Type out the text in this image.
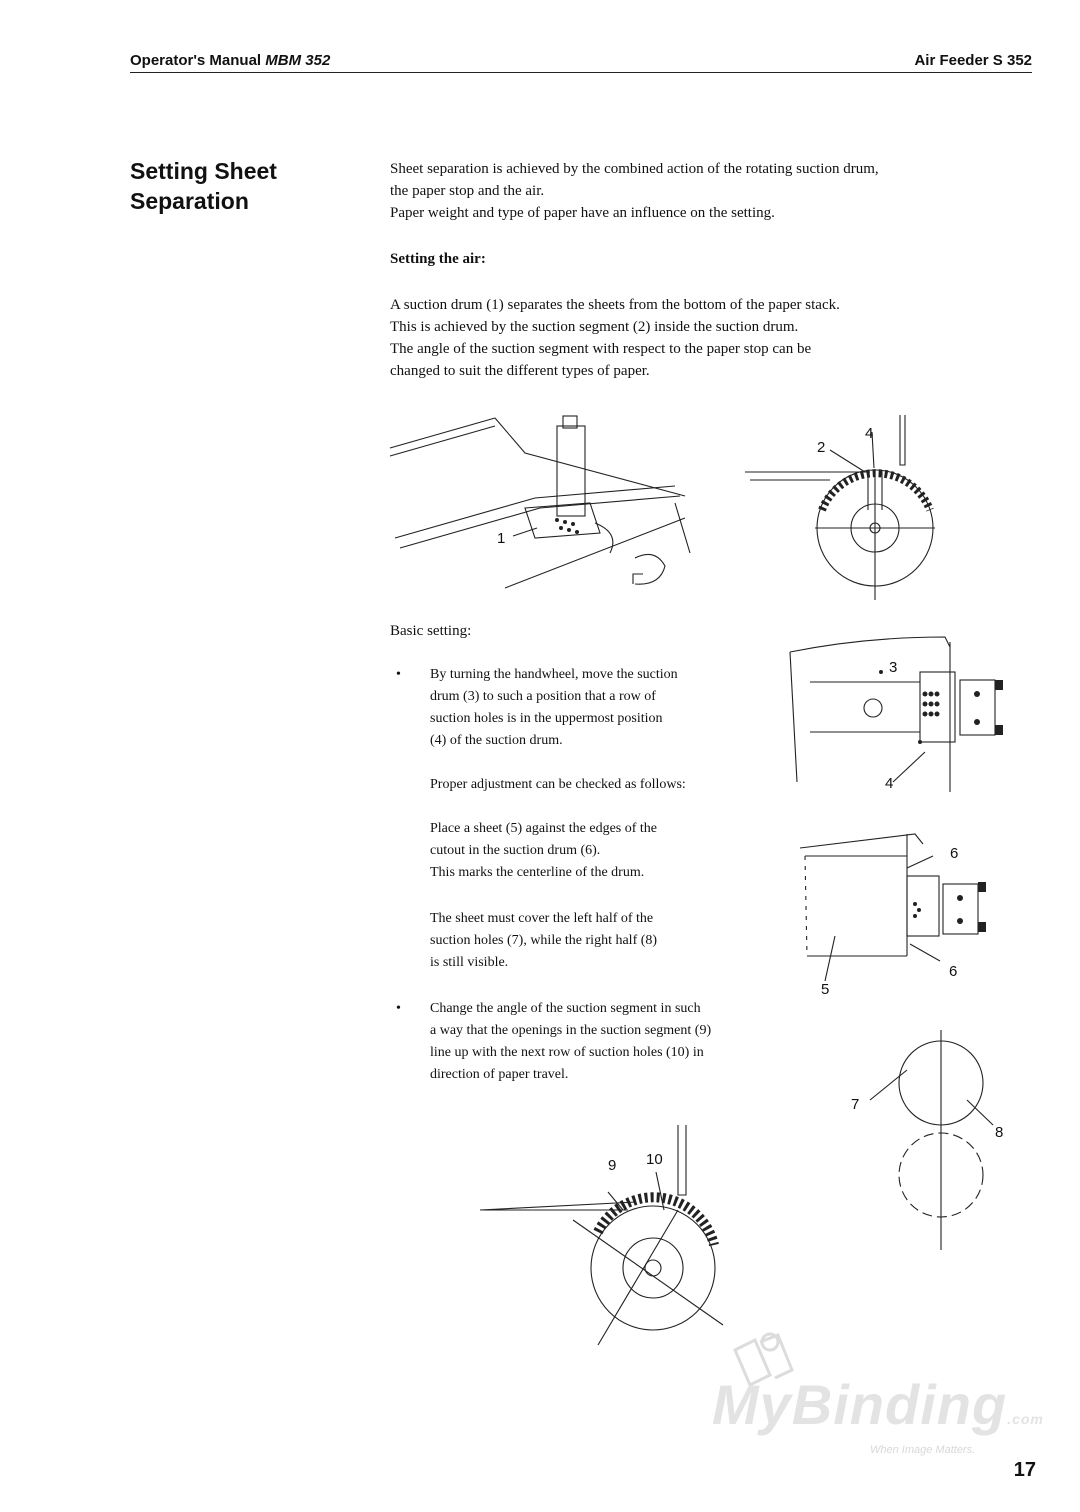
Operator's Manual MBM 352	Air Feeder S 352
Setting Sheet Separation
Sheet separation is achieved by the combined action of the rotating suction drum,
the paper stop and the air.
Paper weight and type of paper have an influence on the setting.
Setting the air:
A suction drum (1) separates the sheets from the bottom of the paper stack.
This is achieved by the suction segment (2) inside the suction drum.
The angle of the suction segment with respect to the paper stop can be
changed to suit the different types of paper.
1
2
4
Basic setting:
• By turning the handwheel, move the suction
drum (3) to such a position that a row of
suction holes is in the uppermost position
(4) of the suction drum.
Proper adjustment can be checked as follows:
Place a sheet (5) against the edges of the
cutout in the suction drum (6).
This marks the centerline of the drum.
The sheet must cover the left half of the
suction holes (7), while the right half (8)
is still visible.
3
4
6
6
5
• Change the angle of the suction segment in such
a way that the openings in the suction segment (9)
line up with the next row of suction holes (10) in
direction of paper travel.
7
8
9 10
MyBinding.com
When Image Matters.
17
